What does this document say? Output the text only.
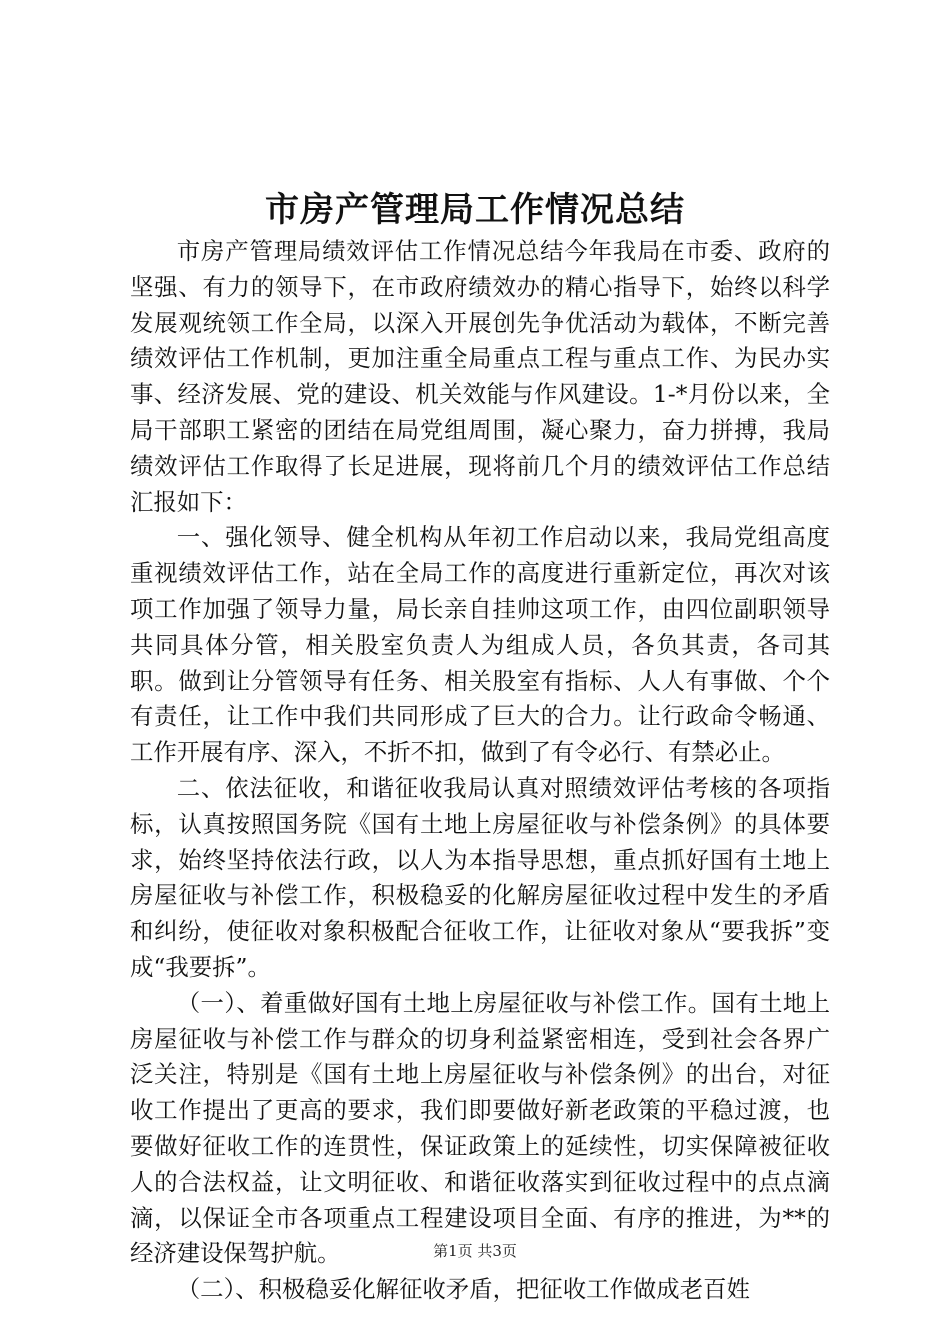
市房产管理局工作情况总结

市房产管理局绩效评估工作情况总结今年我局在市委、政府的坚强、有力的领导下，在市政府绩效办的精心指导下，始终以科学发展观统领工作全局，以深入开展创先争优活动为载体，不断完善绩效评估工作机制，更加注重全局重点工程与重点工作、为民办实事、经济发展、党的建设、机关效能与作风建设。1-*月份以来，全局干部职工紧密的团结在局党组周围，凝心聚力，奋力拼搏，我局绩效评估工作取得了长足进展，现将前几个月的绩效评估工作总结汇报如下：

一、强化领导、健全机构从年初工作启动以来，我局党组高度重视绩效评估工作，站在全局工作的高度进行重新定位，再次对该项工作加强了领导力量，局长亲自挂帅这项工作，由四位副职领导共同具体分管，相关股室负责人为组成人员，各负其责，各司其职。做到让分管领导有任务、相关股室有指标、人人有事做、个个有责任，让工作中我们共同形成了巨大的合力。让行政命令畅通、工作开展有序、深入，不折不扣，做到了有令必行、有禁必止。

二、依法征收，和谐征收我局认真对照绩效评估考核的各项指标，认真按照国务院《国有土地上房屋征收与补偿条例》的具体要求，始终坚持依法行政，以人为本指导思想，重点抓好国有土地上房屋征收与补偿工作，积极稳妥的化解房屋征收过程中发生的矛盾和纠纷，使征收对象积极配合征收工作，让征收对象从“要我拆”变成“我要拆”。

（一）、着重做好国有土地上房屋征收与补偿工作。国有土地上房屋征收与补偿工作与群众的切身利益紧密相连，受到社会各界广泛关注，特别是《国有土地上房屋征收与补偿条例》的出台，对征收工作提出了更高的要求，我们即要做好新老政策的平稳过渡，也要做好征收工作的连贯性，保证政策上的延续性，切实保障被征收人的合法权益，让文明征收、和谐征收落实到征收过程中的点点滴滴，以保证全市各项重点工程建设项目全面、有序的推进，为**的经济建设保驾护航。

（二）、积极稳妥化解征收矛盾，把征收工作做成老百姓

第1页 共3页
